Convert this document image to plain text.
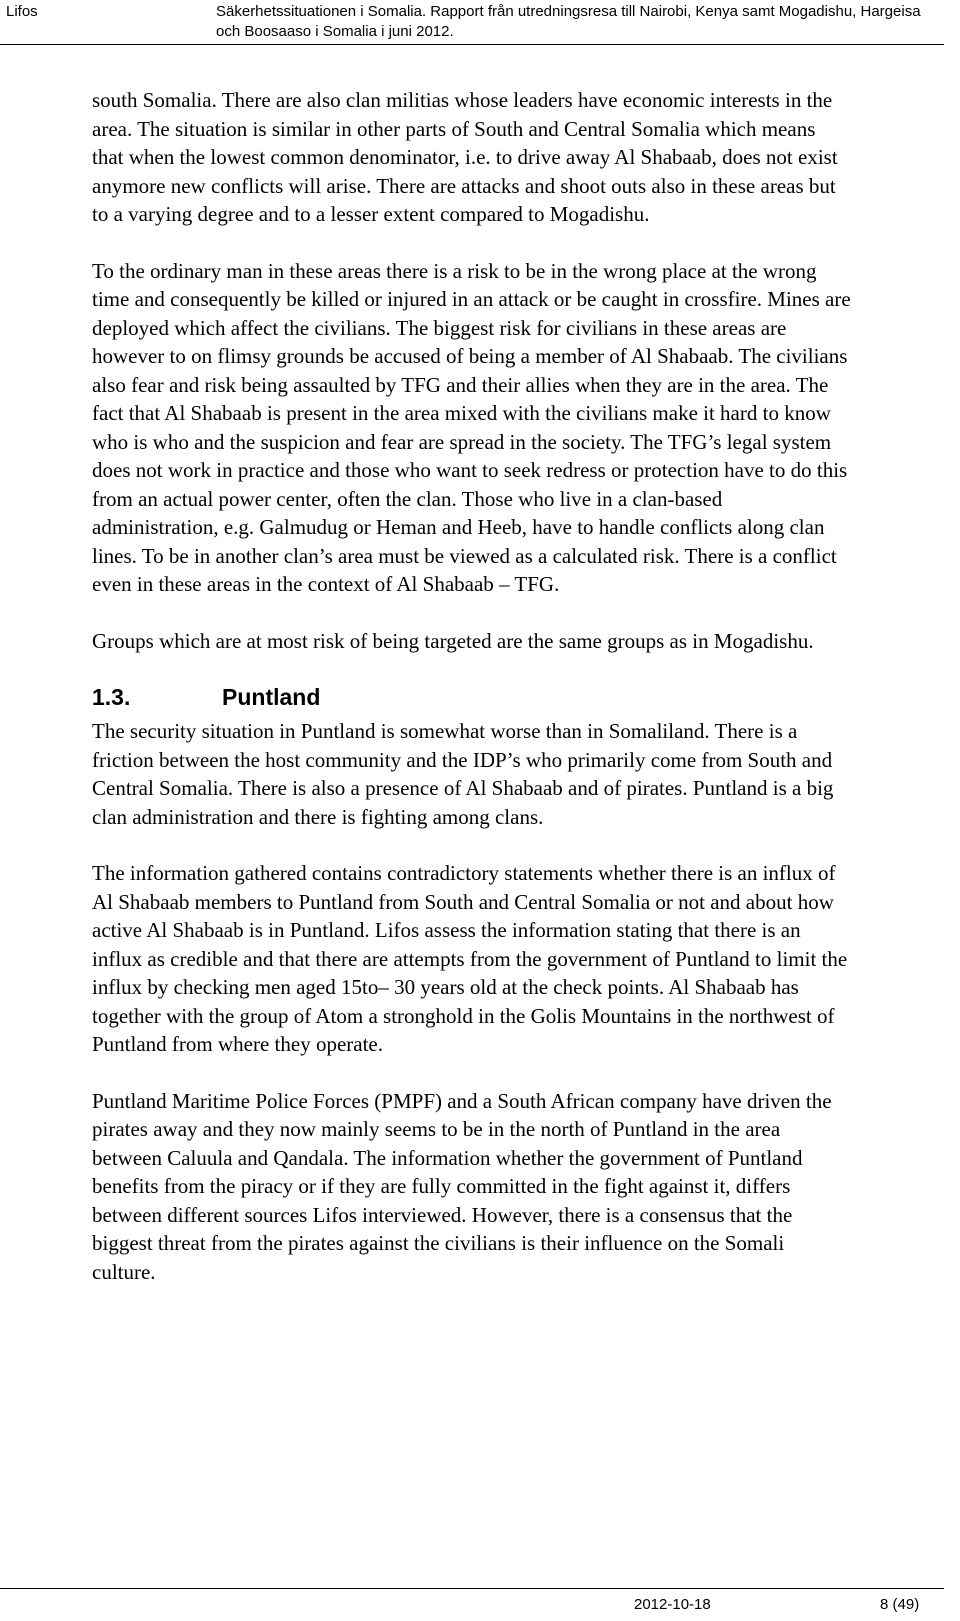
Lifos	Säkerhetssituationen i Somalia. Rapport från utredningsresa till Nairobi, Kenya samt Mogadishu, Hargeisa och Boosaaso i Somalia i juni 2012.

south Somalia. There are also clan militias whose leaders have economic interests in the area. The situation is similar in other parts of South and Central Somalia which means that when the lowest common denominator, i.e. to drive away Al Shabaab, does not exist anymore new conflicts will arise. There are attacks and shoot outs also in these areas but to a varying degree and to a lesser extent compared to Mogadishu.

To the ordinary man in these areas there is a risk to be in the wrong place at the wrong time and consequently be killed or injured in an attack or be caught in crossfire. Mines are deployed which affect the civilians. The biggest risk for civilians in these areas are however to on flimsy grounds be accused of being a member of Al Shabaab. The civilians also fear and risk being assaulted by TFG and their allies when they are in the area. The fact that Al Shabaab is present in the area mixed with the civilians make it hard to know who is who and the suspicion and fear are spread in the society. The TFG’s legal system does not work in practice and those who want to seek redress or protection have to do this from an actual power center, often the clan. Those who live in a clan-based administration, e.g. Galmudug or Heman and Heeb, have to handle conflicts along clan lines. To be in another clan’s area must be viewed as a calculated risk. There is a conflict even in these areas in the context of Al Shabaab – TFG.

Groups which are at most risk of being targeted are the same groups as in Mogadishu.

1.3.	Puntland

The security situation in Puntland is somewhat worse than in Somaliland. There is a friction between the host community and the IDP’s who primarily come from South and Central Somalia. There is also a presence of Al Shabaab and of pirates. Puntland is a big clan administration and there is fighting among clans.

The information gathered contains contradictory statements whether there is an influx of Al Shabaab members to Puntland from South and Central Somalia or not and about how active Al Shabaab is in Puntland. Lifos assess the information stating that there is an influx as credible and that there are attempts from the government of Puntland to limit the influx by checking men aged 15to– 30 years old at the check points. Al Shabaab has together with the group of Atom a stronghold in the Golis Mountains in the northwest of Puntland from where they operate.

Puntland Maritime Police Forces (PMPF) and a South African company have driven the pirates away and they now mainly seems to be in the north of Puntland in the area between Caluula and Qandala. The information whether the government of Puntland benefits from the piracy or if they are fully committed in the fight against it, differs between different sources Lifos interviewed. However, there is a consensus that the biggest threat from the pirates against the civilians is their influence on the Somali culture.

2012-10-18	8 (49)
